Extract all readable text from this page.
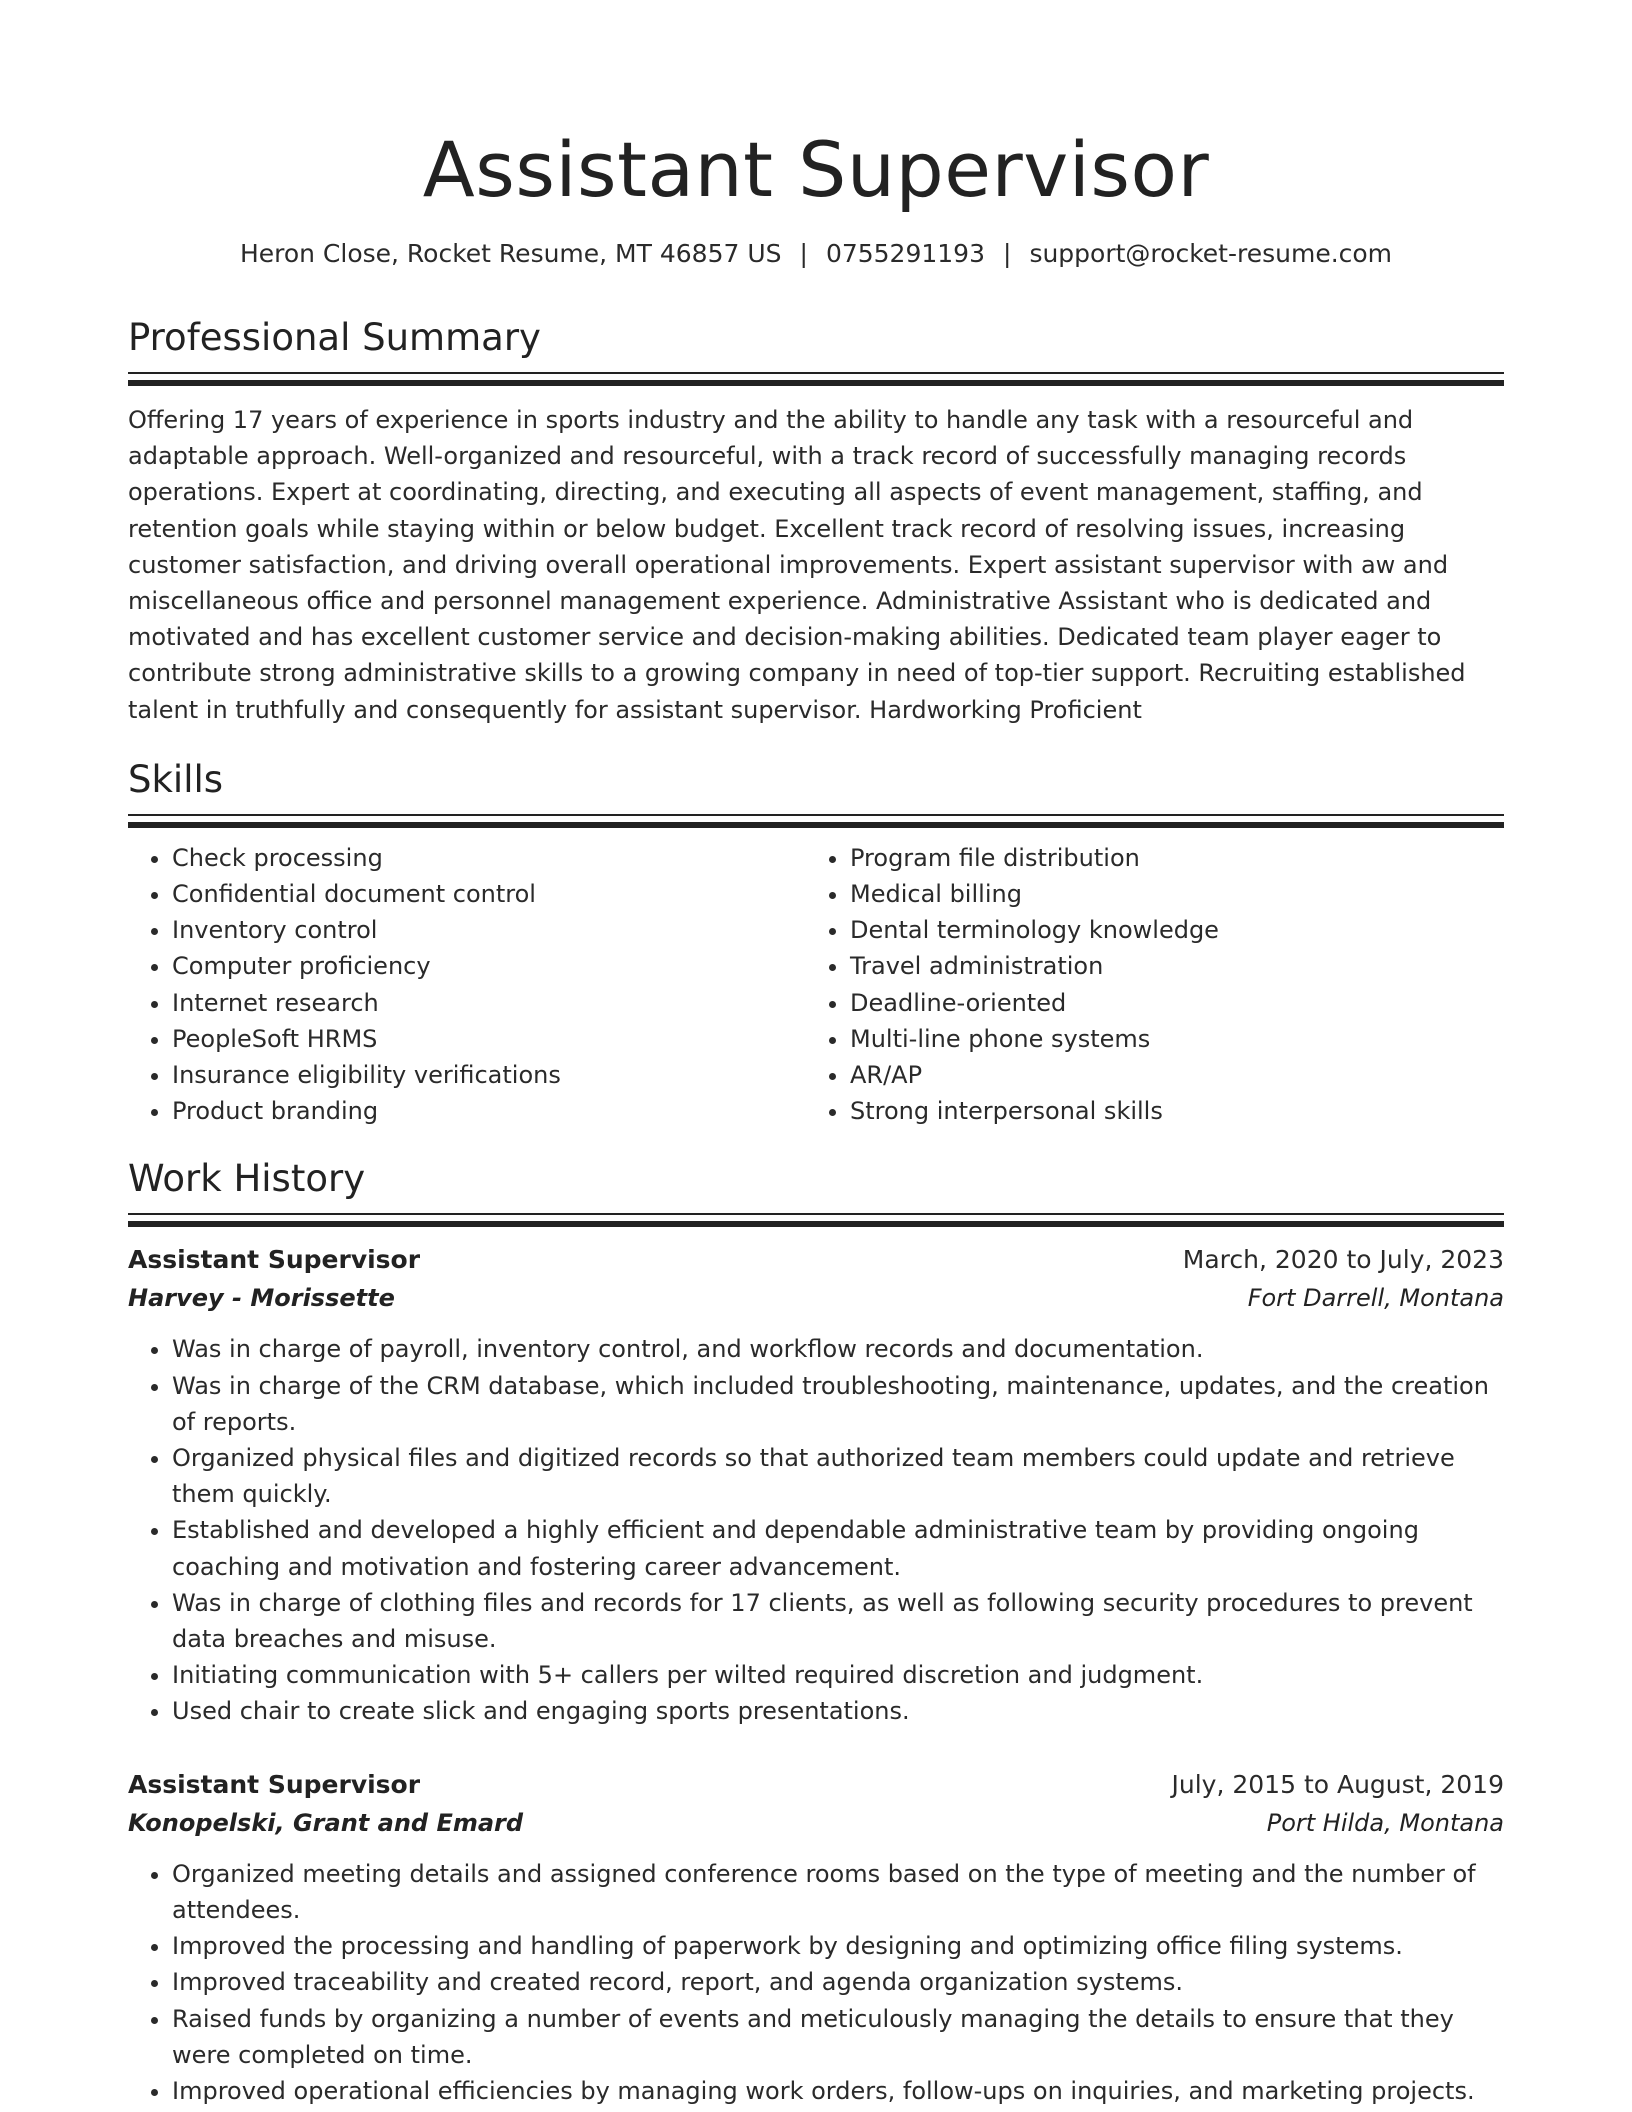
Assistant Supervisor
Heron Close, Rocket Resume, MT 46857 US | 0755291193 | support@rocket-resume.com
Professional Summary
Offering 17 years of experience in sports industry and the ability to handle any task with a resourceful and adaptable approach. Well-organized and resourceful, with a track record of successfully managing records operations. Expert at coordinating, directing, and executing all aspects of event management, staffing, and retention goals while staying within or below budget. Excellent track record of resolving issues, increasing customer satisfaction, and driving overall operational improvements. Expert assistant supervisor with aw and miscellaneous office and personnel management experience. Administrative Assistant who is dedicated and motivated and has excellent customer service and decision-making abilities. Dedicated team player eager to contribute strong administrative skills to a growing company in need of top-tier support. Recruiting established talent in truthfully and consequently for assistant supervisor. Hardworking Proficient
Skills
• Check processing
• Confidential document control
• Inventory control
• Computer proficiency
• Internet research
• PeopleSoft HRMS
• Insurance eligibility verifications
• Product branding
• Program file distribution
• Medical billing
• Dental terminology knowledge
• Travel administration
• Deadline-oriented
• Multi-line phone systems
• AR/AP
• Strong interpersonal skills
Work History
Assistant Supervisor	March, 2020 to July, 2023
Harvey - Morissette	Fort Darrell, Montana
• Was in charge of payroll, inventory control, and workflow records and documentation.
• Was in charge of the CRM database, which included troubleshooting, maintenance, updates, and the creation of reports.
• Organized physical files and digitized records so that authorized team members could update and retrieve them quickly.
• Established and developed a highly efficient and dependable administrative team by providing ongoing coaching and motivation and fostering career advancement.
• Was in charge of clothing files and records for 17 clients, as well as following security procedures to prevent data breaches and misuse.
• Initiating communication with 5+ callers per wilted required discretion and judgment.
• Used chair to create slick and engaging sports presentations.
Assistant Supervisor	July, 2015 to August, 2019
Konopelski, Grant and Emard	Port Hilda, Montana
• Organized meeting details and assigned conference rooms based on the type of meeting and the number of attendees.
• Improved the processing and handling of paperwork by designing and optimizing office filing systems.
• Improved traceability and created record, report, and agenda organization systems.
• Raised funds by organizing a number of events and meticulously managing the details to ensure that they were completed on time.
• Improved operational efficiencies by managing work orders, follow-ups on inquiries, and marketing projects.
